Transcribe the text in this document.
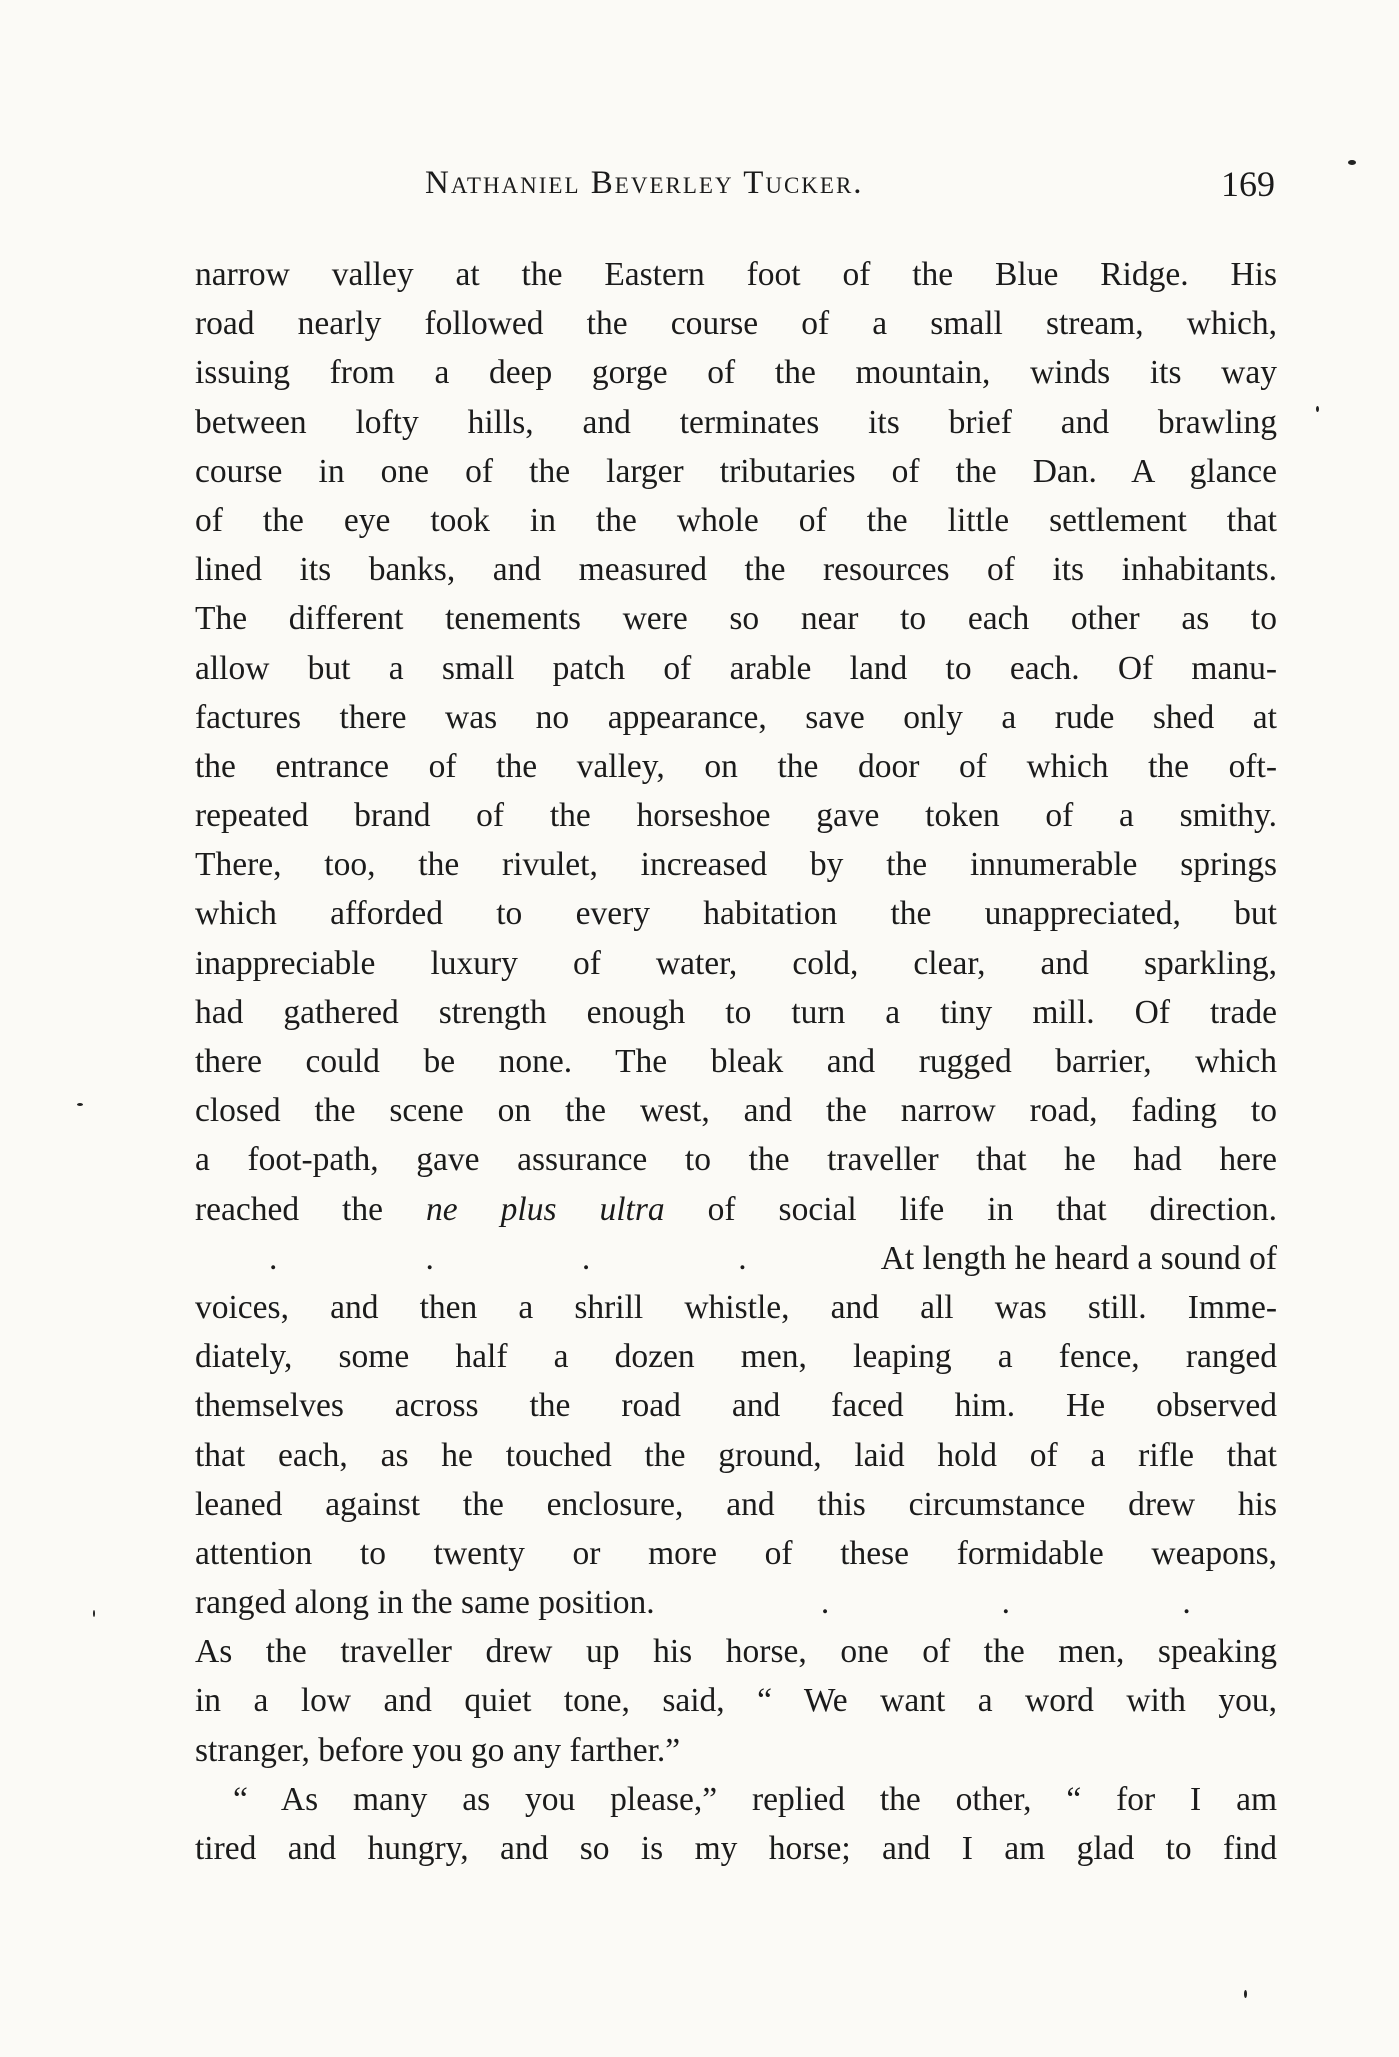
Nathaniel Beverley Tucker.	169
narrow valley at the Eastern foot of the Blue Ridge. His
road nearly followed the course of a small stream, which,
issuing from a deep gorge of the mountain, winds its way
between lofty hills, and terminates its brief and brawling
course in one of the larger tributaries of the Dan. A glance
of the eye took in the whole of the little settlement that
lined its banks, and measured the resources of its inhabitants.
The different tenements were so near to each other as to
allow but a small patch of arable land to each. Of manu-
factures there was no appearance, save only a rude shed at
the entrance of the valley, on the door of which the oft-
repeated brand of the horseshoe gave token of a smithy.
There, too, the rivulet, increased by the innumerable springs
which afforded to every habitation the unappreciated, but
inappreciable luxury of water, cold, clear, and sparkling,
had gathered strength enough to turn a tiny mill. Of trade
there could be none. The bleak and rugged barrier, which
closed the scene on the west, and the narrow road, fading to
a foot-path, gave assurance to the traveller that he had here
reached the ne plus ultra of social life in that direction.
.	.	.	.	At length he heard a sound of
voices, and then a shrill whistle, and all was still. Imme-
diately, some half a dozen men, leaping a fence, ranged
themselves across the road and faced him. He observed
that each, as he touched the ground, laid hold of a rifle that
leaned against the enclosure, and this circumstance drew his
attention to twenty or more of these formidable weapons,
ranged along in the same position.	.	.	.
As the traveller drew up his horse, one of the men, speaking
in a low and quiet tone, said, “ We want a word with you,
stranger, before you go any farther.”
“ As many as you please,” replied the other, “ for I am
tired and hungry, and so is my horse; and I am glad to find
